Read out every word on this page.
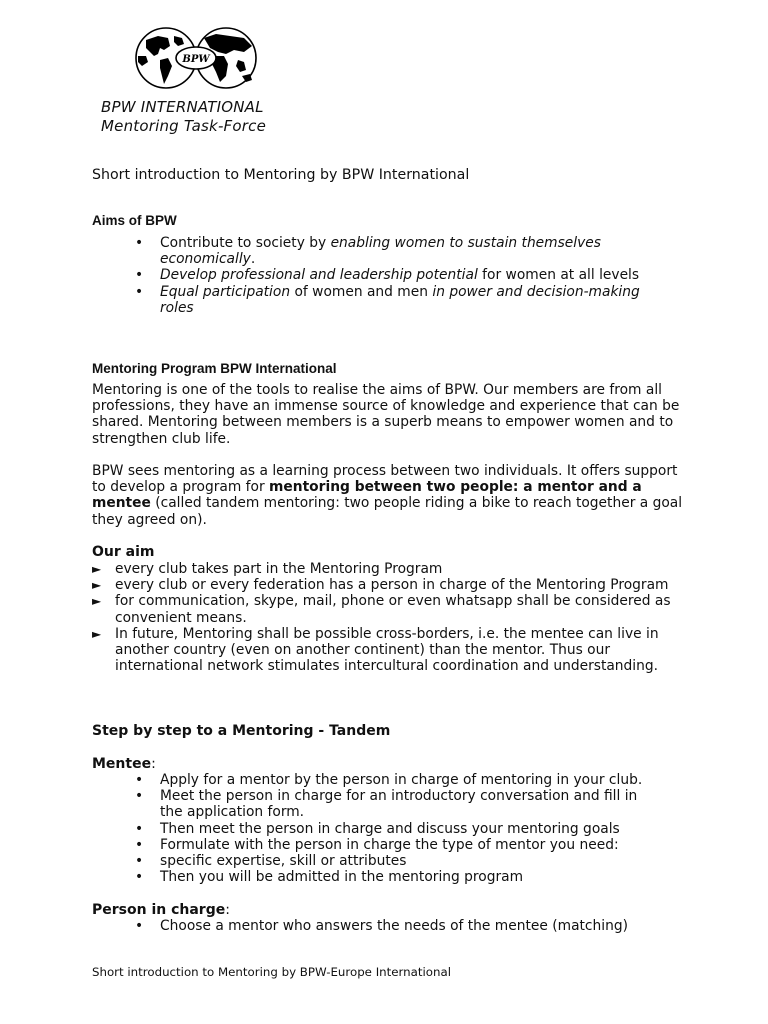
BPW
BPW INTERNATIONAL
Mentoring Task-Force
Short introduction to Mentoring by BPW International
Aims of BPW
• Contribute to society by enabling women to sustain themselves economically.
• Develop professional and leadership potential for women at all levels
• Equal participation of women and men in power and decision-making roles
Mentoring Program BPW International
Mentoring is one of the tools to realise the aims of BPW. Our members are from all professions, they have an immense source of knowledge and experience that can be shared. Mentoring between members is a superb means to empower women and to strengthen club life.
BPW sees mentoring as a learning process between two individuals. It offers support to develop a program for mentoring between two people: a mentor and a mentee (called tandem mentoring: two people riding a bike to reach together a goal they agreed on).
Our aim
► every club takes part in the Mentoring Program
► every club or every federation has a person in charge of the Mentoring Program
► for communication, skype, mail, phone or even whatsapp shall be considered as convenient means.
► In future, Mentoring shall be possible cross-borders, i.e. the mentee can live in another country (even on another continent) than the mentor. Thus our international network stimulates intercultural coordination and understanding.
Step by step to a Mentoring - Tandem
Mentee:
• Apply for a mentor by the person in charge of mentoring in your club.
• Meet the person in charge for an introductory conversation and fill in the application form.
• Then meet the person in charge and discuss your mentoring goals
• Formulate with the person in charge the type of mentor you need:
• specific expertise, skill or attributes
• Then you will be admitted in the mentoring program
Person in charge:
• Choose a mentor who answers the needs of the mentee (matching)
Short introduction to Mentoring by BPW-Europe International
